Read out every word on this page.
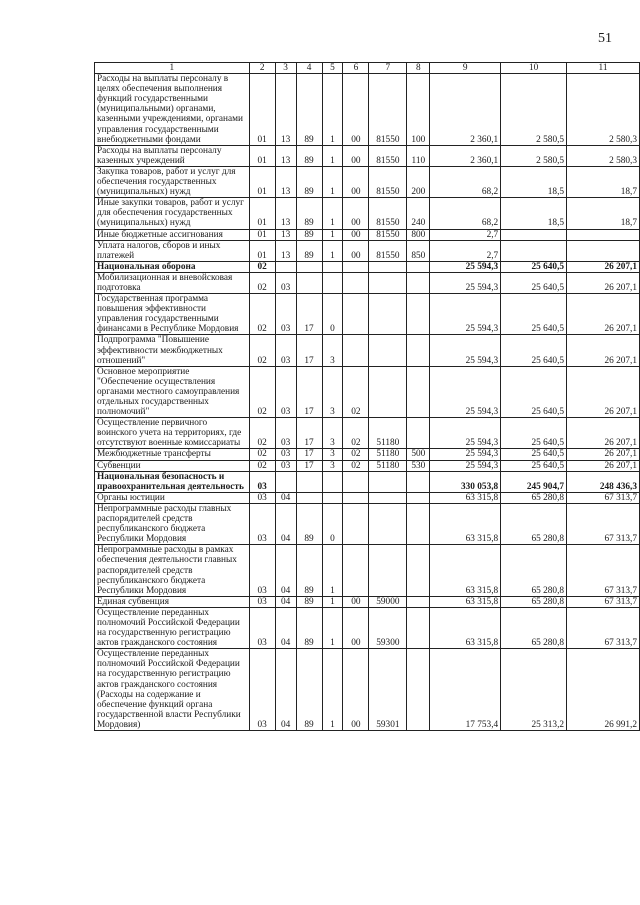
51
1	2	3	4	5	6	7	8	9	10	11
Расходы на выплаты персоналу в целях обеспечения выполнения функций государственными (муниципальными) органами, казенными учреждениями, органами управления государственными внебюджетными фондами	01	13	89	1	00	81550	100	2 360,1	2 580,5	2 580,3
Расходы на выплаты персоналу казенных учреждений	01	13	89	1	00	81550	110	2 360,1	2 580,5	2 580,3
Закупка товаров, работ и услуг для обеспечения государственных (муниципальных) нужд	01	13	89	1	00	81550	200	68,2	18,5	18,7
Иные закупки товаров, работ и услуг для обеспечения государственных (муниципальных) нужд	01	13	89	1	00	81550	240	68,2	18,5	18,7
Иные бюджетные ассигнования	01	13	89	1	00	81550	800	2,7		
Уплата налогов, сборов и иных платежей	01	13	89	1	00	81550	850	2,7		
Национальная оборона	02							25 594,3	25 640,5	26 207,1
Мобилизационная и вневойсковая подготовка	02	03						25 594,3	25 640,5	26 207,1
Государственная программа повышения эффективности управления государственными финансами в Республике Мордовия	02	03	17	0				25 594,3	25 640,5	26 207,1
Подпрограмма "Повышение эффективности межбюджетных отношений"	02	03	17	3				25 594,3	25 640,5	26 207,1
Основное мероприятие "Обеспечение осуществления органами местного самоуправления отдельных государственных полномочий"	02	03	17	3	02			25 594,3	25 640,5	26 207,1
Осуществление первичного воинского учета на территориях, где отсутствуют военные комиссариаты	02	03	17	3	02	51180		25 594,3	25 640,5	26 207,1
Межбюджетные трансферты	02	03	17	3	02	51180	500	25 594,3	25 640,5	26 207,1
Субвенции	02	03	17	3	02	51180	530	25 594,3	25 640,5	26 207,1
Национальная безопасность и правоохранительная деятельность	03							330 053,8	245 904,7	248 436,3
Органы юстиции	03	04						63 315,8	65 280,8	67 313,7
Непрограммные расходы главных распорядителей средств республиканского бюджета Республики Мордовия	03	04	89	0				63 315,8	65 280,8	67 313,7
Непрограммные расходы в рамках обеспечения деятельности главных распорядителей средств республиканского бюджета Республики Мордовия	03	04	89	1				63 315,8	65 280,8	67 313,7
Единая субвенция	03	04	89	1	00	59000		63 315,8	65 280,8	67 313,7
Осуществление переданных полномочий Российской Федерации на государственную регистрацию актов гражданского состояния	03	04	89	1	00	59300		63 315,8	65 280,8	67 313,7
Осуществление переданных полномочий Российской Федерации на государственную регистрацию актов гражданского состояния (Расходы на содержание и обеспечение функций органа государственной власти Республики Мордовия)	03	04	89	1	00	59301		17 753,4	25 313,2	26 991,2
